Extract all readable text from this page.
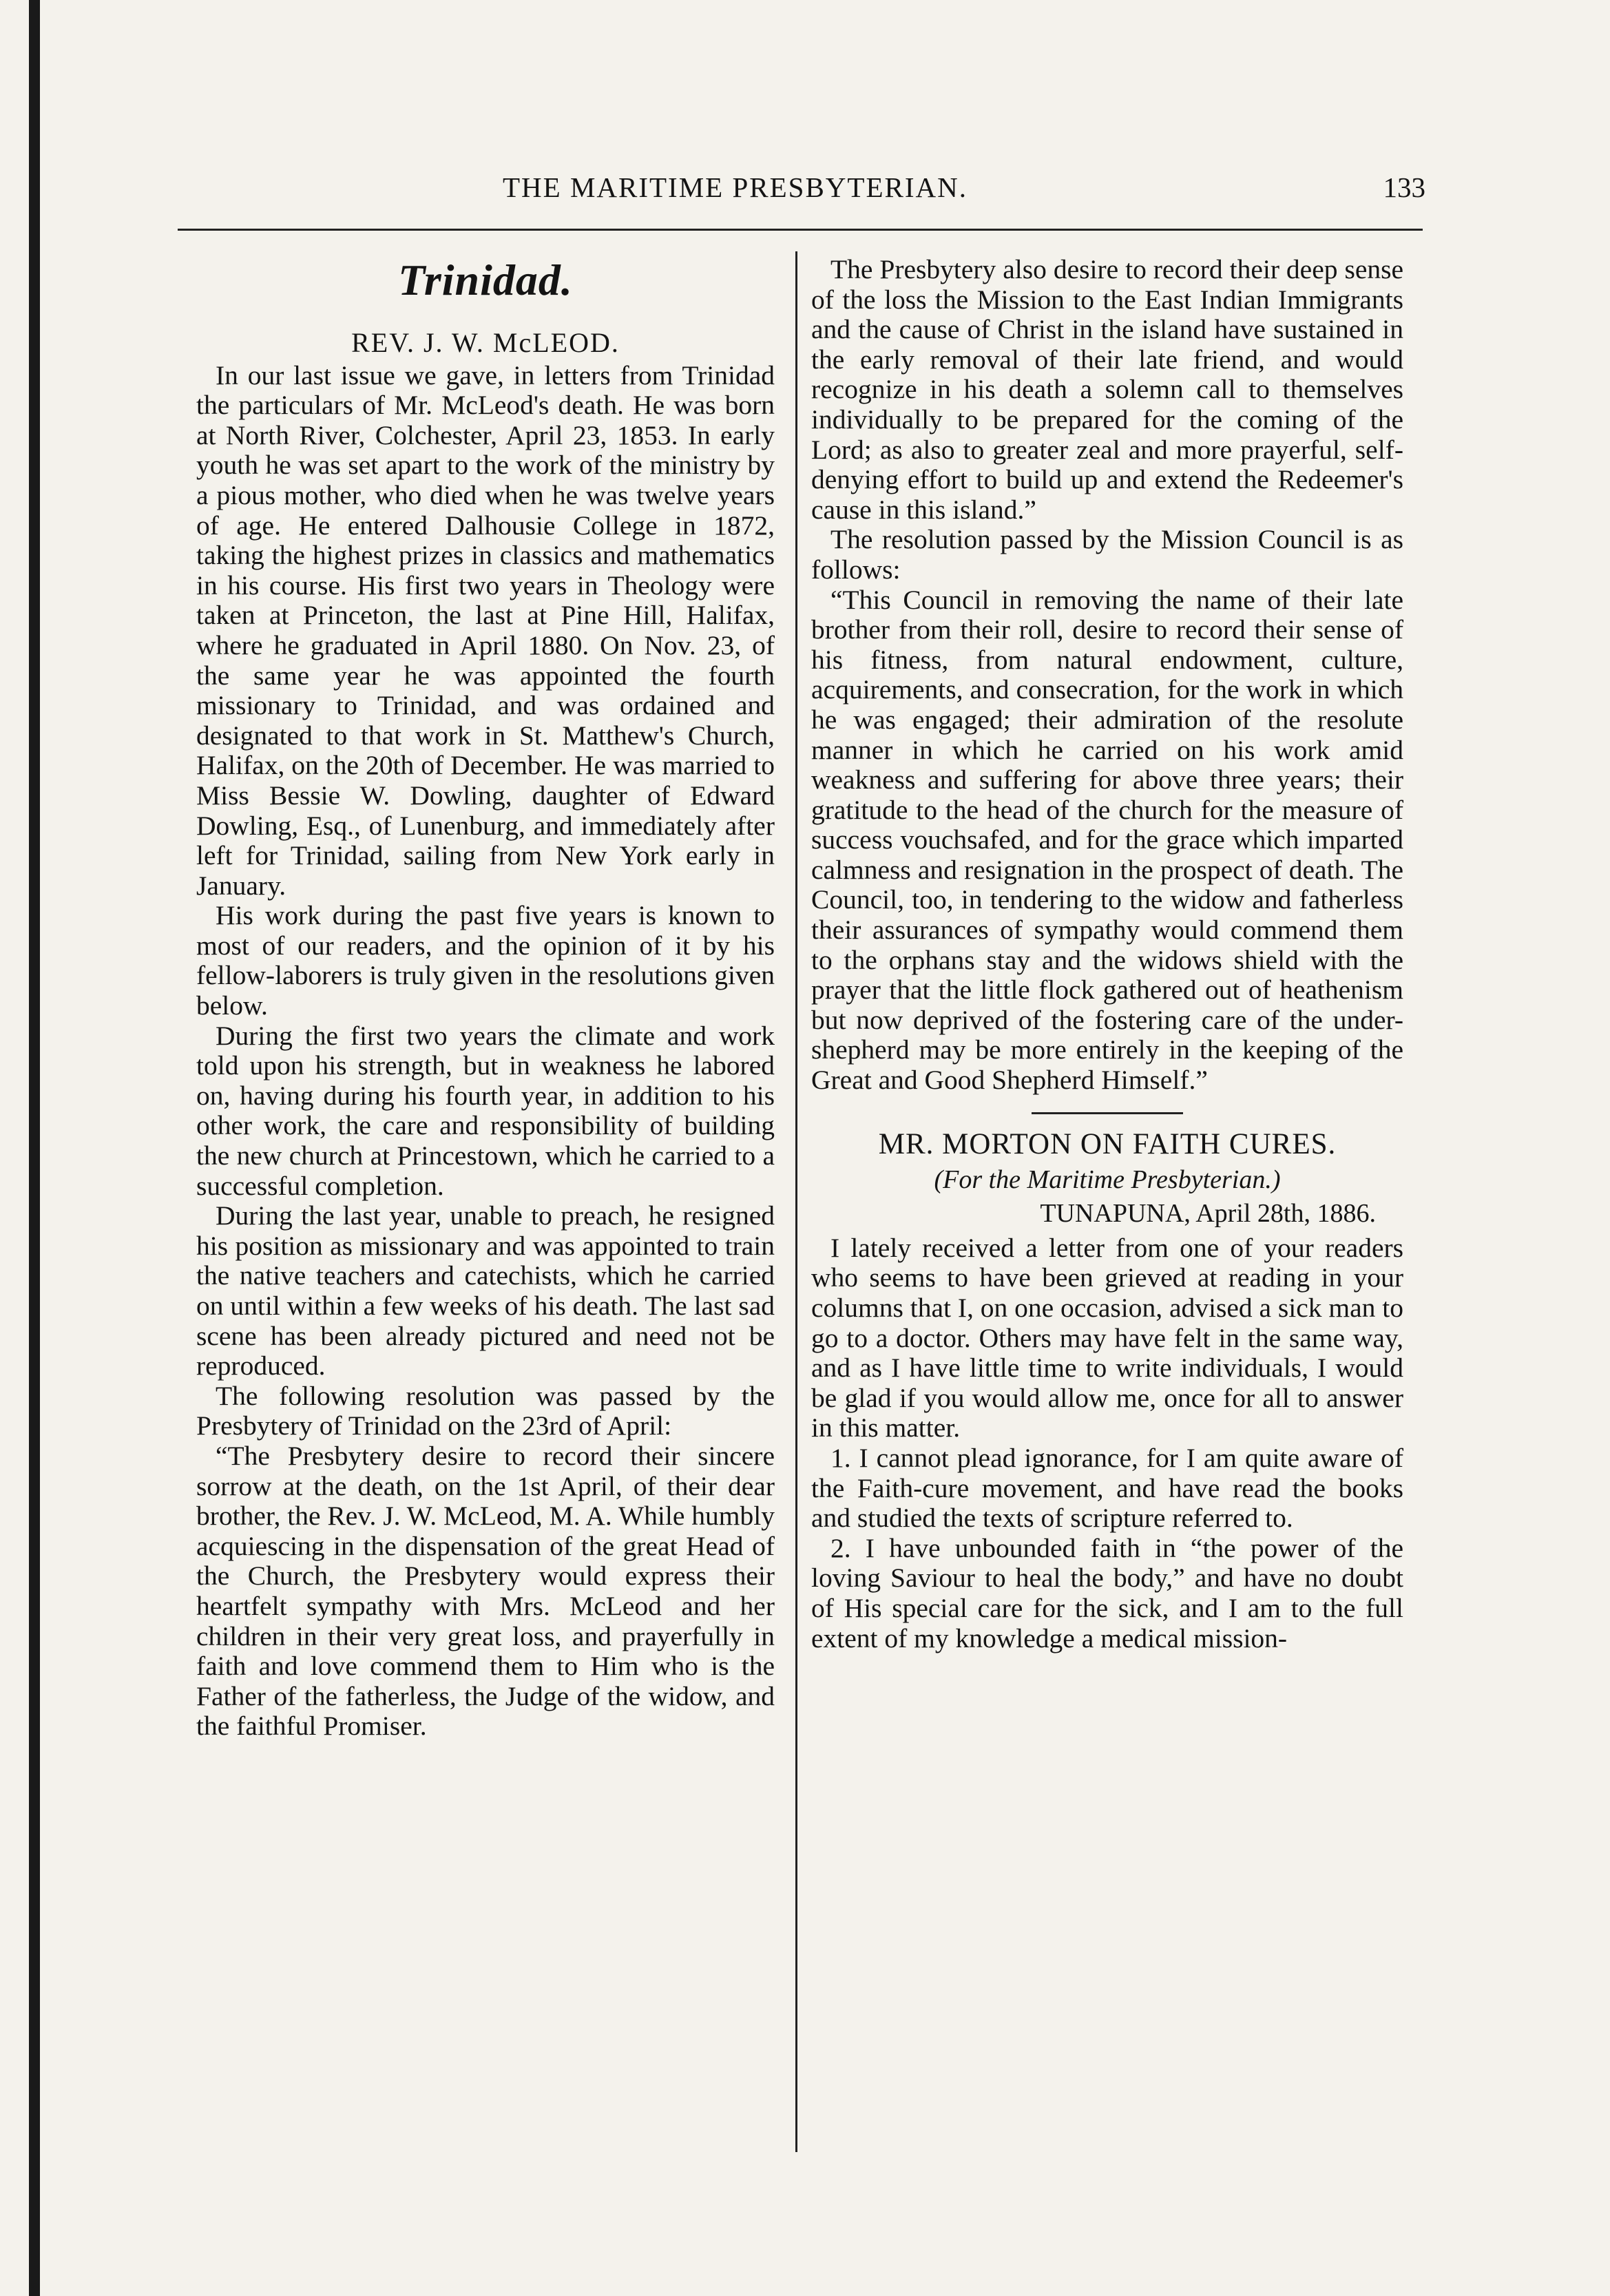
THE MARITIME PRESBYTERIAN.	133
Trinidad.
REV. J. W. McLEOD.

In our last issue we gave, in letters from Trinidad the particulars of Mr. McLeod's death. He was born at North River, Colchester, April 23, 1853. In early youth he was set apart to the work of the ministry by a pious mother, who died when he was twelve years of age. He entered Dalhousie College in 1872, taking the highest prizes in classics and mathematics in his course. His first two years in Theology were taken at Princeton, the last at Pine Hill, Halifax, where he graduated in April 1880. On Nov. 23, of the same year he was appointed the fourth missionary to Trinidad, and was ordained and designated to that work in St. Matthew's Church, Halifax, on the 20th of December. He was married to Miss Bessie W. Dowling, daughter of Edward Dowling, Esq., of Lunenburg, and immediately after left for Trinidad, sailing from New York early in January.

His work during the past five years is known to most of our readers, and the opinion of it by his fellow-laborers is truly given in the resolutions given below.

During the first two years the climate and work told upon his strength, but in weakness he labored on, having during his fourth year, in addition to his other work, the care and responsibility of building the new church at Princestown, which he carried to a successful completion.

During the last year, unable to preach, he resigned his position as missionary and was appointed to train the native teachers and catechists, which he carried on until within a few weeks of his death. The last sad scene has been already pictured and need not be reproduced.

The following resolution was passed by the Presbytery of Trinidad on the 23rd of April:

“The Presbytery desire to record their sincere sorrow at the death, on the 1st April, of their dear brother, the Rev. J. W. McLeod, M. A. While humbly acquiescing in the dispensation of the great Head of the Church, the Presbytery would express their heartfelt sympathy with Mrs. McLeod and her children in their very great loss, and prayerfully in faith and love commend them to Him who is the Father of the fatherless, the Judge of the widow, and the faithful Promiser.

The Presbytery also desire to record their deep sense of the loss the Mission to the East Indian Immigrants and the cause of Christ in the island have sustained in the early removal of their late friend, and would recognize in his death a solemn call to themselves individually to be prepared for the coming of the Lord; as also to greater zeal and more prayerful, self-denying effort to build up and extend the Redeemer's cause in this island.”

The resolution passed by the Mission Council is as follows:

“This Council in removing the name of their late brother from their roll, desire to record their sense of his fitness, from natural endowment, culture, acquirements, and consecration, for the work in which he was engaged; their admiration of the resolute manner in which he carried on his work amid weakness and suffering for above three years; their gratitude to the head of the church for the measure of success vouchsafed, and for the grace which imparted calmness and resignation in the prospect of death. The Council, too, in tendering to the widow and fatherless their assurances of sympathy would commend them to the orphans stay and the widows shield with the prayer that the little flock gathered out of heathenism but now deprived of the fostering care of the under-shepherd may be more entirely in the keeping of the Great and Good Shepherd Himself.”

MR. MORTON ON FAITH CURES.
(For the Maritime Presbyterian.)
TUNAPUNA, April 28th, 1886.

I lately received a letter from one of your readers who seems to have been grieved at reading in your columns that I, on one occasion, advised a sick man to go to a doctor. Others may have felt in the same way, and as I have little time to write individuals, I would be glad if you would allow me, once for all to answer in this matter.

1. I cannot plead ignorance, for I am quite aware of the Faith-cure movement, and have read the books and studied the texts of scripture referred to.

2. I have unbounded faith in “the power of the loving Saviour to heal the body,” and have no doubt of His special care for the sick, and I am to the full extent of my knowledge a medical mission-
